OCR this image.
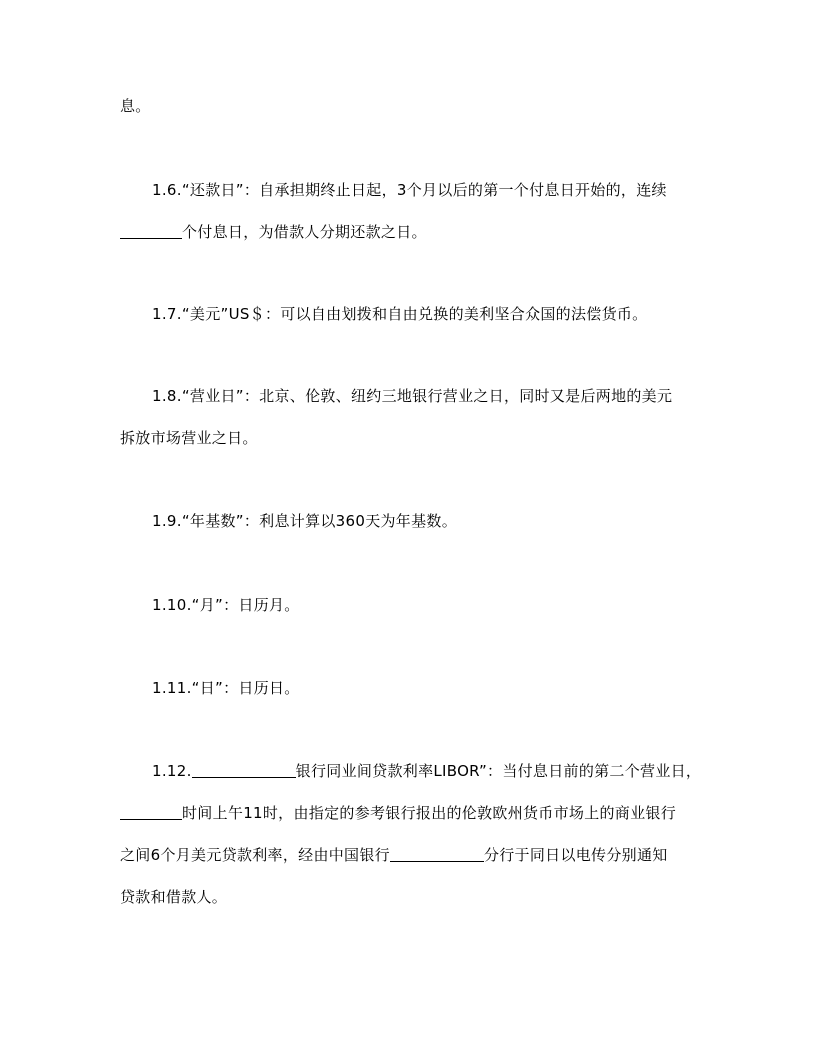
息。
1.6.“还款日”：自承担期终止日起，3个月以后的第一个付息日开始的，连续
个付息日，为借款人分期还款之日。
1.7.“美元”US＄：可以自由划拨和自由兑换的美利坚合众国的法偿货币。
1.8.“营业日”：北京、伦敦、纽约三地银行营业之日，同时又是后两地的美元
拆放市场营业之日。
1.9.“年基数”：利息计算以360天为年基数。
1.10.“月”：日历月。
1.11.“日”：日历日。
1.12.	银行同业间贷款利率LIBOR”：当付息日前的第二个营业日，
时间上午11时，由指定的参考银行报出的伦敦欧州货币市场上的商业银行
之间6个月美元贷款利率，经由中国银行	分行于同日以电传分别通知
贷款和借款人。
